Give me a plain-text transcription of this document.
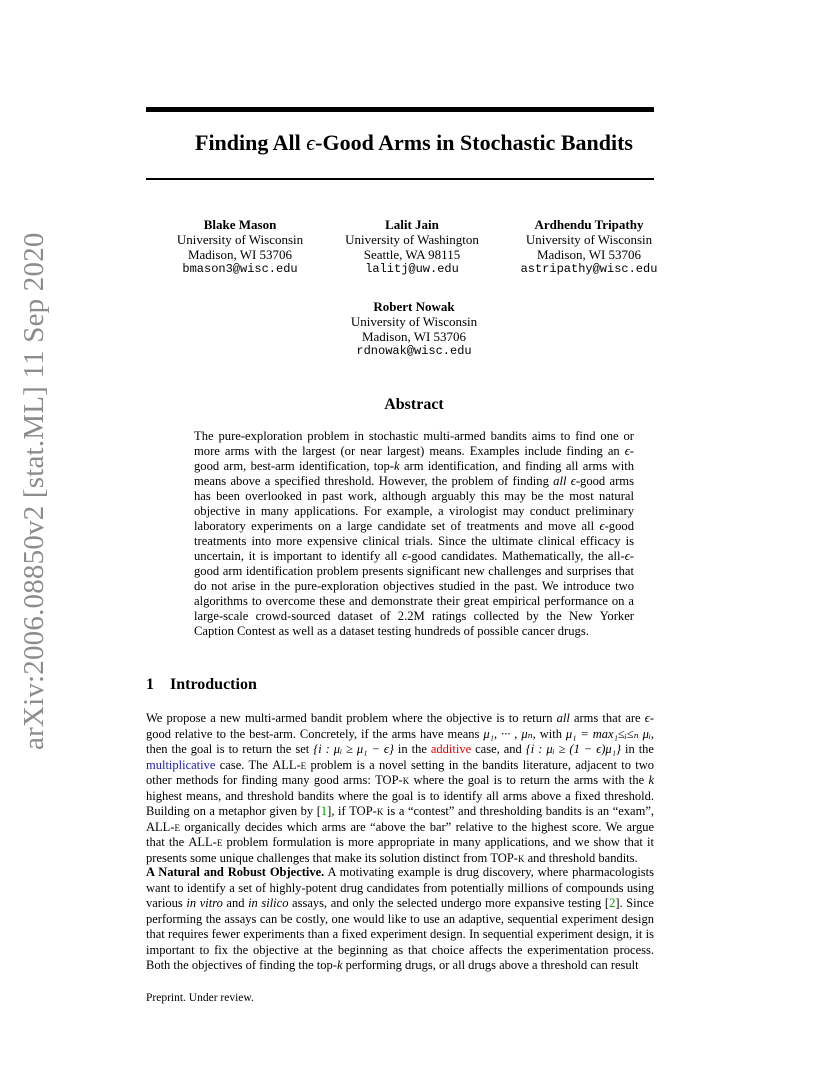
arXiv:2006.08850v2 [stat.ML] 11 Sep 2020
Finding All ϵ-Good Arms in Stochastic Bandits
Blake Mason
University of Wisconsin
Madison, WI 53706
bmason3@wisc.edu
Lalit Jain
University of Washington
Seattle, WA 98115
lalitj@uw.edu
Ardhendu Tripathy
University of Wisconsin
Madison, WI 53706
astripathy@wisc.edu
Robert Nowak
University of Wisconsin
Madison, WI 53706
rdnowak@wisc.edu
Abstract

The pure-exploration problem in stochastic multi-armed bandits aims to find one or more arms with the largest (or near largest) means. Examples include finding an ϵ-good arm, best-arm identification, top-k arm identification, and finding all arms with means above a specified threshold. However, the problem of finding all ϵ-good arms has been overlooked in past work, although arguably this may be the most natural objective in many applications. For example, a virologist may conduct preliminary laboratory experiments on a large candidate set of treatments and move all ϵ-good treatments into more expensive clinical trials. Since the ultimate clinical efficacy is uncertain, it is important to identify all ϵ-good candidates. Mathematically, the all-ϵ-good arm identification problem presents significant new challenges and surprises that do not arise in the pure-exploration objectives studied in the past. We introduce two algorithms to overcome these and demonstrate their great empirical performance on a large-scale crowd-sourced dataset of 2.2M ratings collected by the New Yorker Caption Contest as well as a dataset testing hundreds of possible cancer drugs.

1 Introduction

We propose a new multi-armed bandit problem where the objective is to return all arms that are ϵ-good relative to the best-arm. Concretely, if the arms have means μ₁, ··· , μₙ, with μ₁ = max₁≤ᵢ≤ₙ μᵢ, then the goal is to return the set {i : μᵢ ≥ μ₁ − ϵ} in the additive case, and {i : μᵢ ≥ (1 − ϵ)μ₁} in the multiplicative case. The ALL-ϵ problem is a novel setting in the bandits literature, adjacent to two other methods for finding many good arms: TOP-k where the goal is to return the arms with the k highest means, and threshold bandits where the goal is to identify all arms above a fixed threshold. Building on a metaphor given by [1], if TOP-k is a “contest” and thresholding bandits is an “exam”, ALL-ϵ organically decides which arms are “above the bar” relative to the highest score. We argue that the ALL-ϵ problem formulation is more appropriate in many applications, and we show that it presents some unique challenges that make its solution distinct from TOP-k and threshold bandits.

A Natural and Robust Objective. A motivating example is drug discovery, where pharmacologists want to identify a set of highly-potent drug candidates from potentially millions of compounds using various in vitro and in silico assays, and only the selected undergo more expansive testing [2]. Since performing the assays can be costly, one would like to use an adaptive, sequential experiment design that requires fewer experiments than a fixed experiment design. In sequential experiment design, it is important to fix the objective at the beginning as that choice affects the experimentation process. Both the objectives of finding the top-k performing drugs, or all drugs above a threshold can result

Preprint. Under review.
